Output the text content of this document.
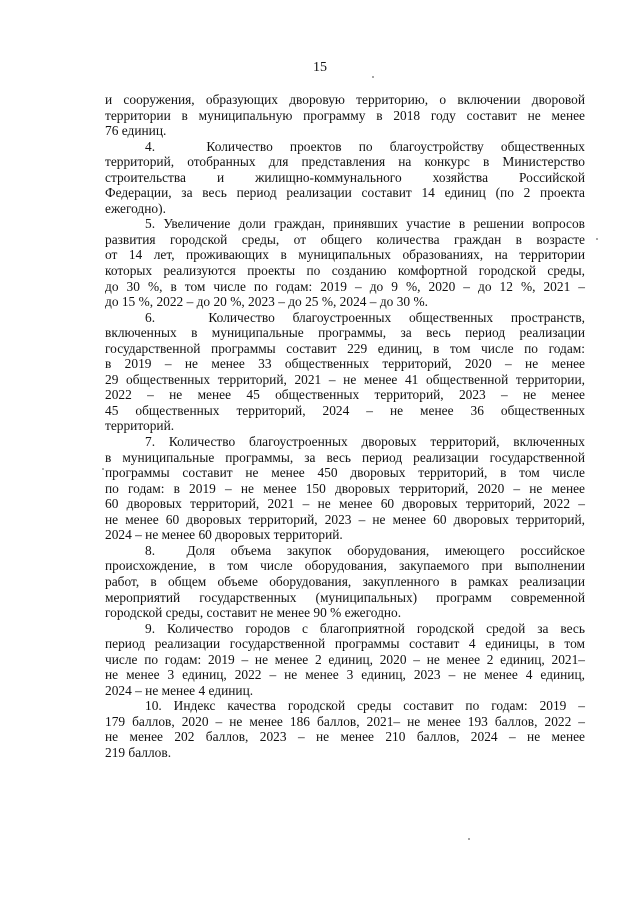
15

и сооружения, образующих дворовую территорию, о включении дворовой
территории в муниципальную программу в 2018 году составит не менее
76 единиц.

4.   Количество проектов по благоустройству общественных
территорий, отобранных для представления на конкурс в Министерство
строительства и жилищно-коммунального хозяйства Российской
Федерации, за весь период реализации составит 14 единиц (по 2 проекта
ежегодно).

5. Увеличение доли граждан, принявших участие в решении вопросов
развития городской среды, от общего количества граждан в возрасте
от 14 лет, проживающих в муниципальных образованиях, на территории
которых реализуются проекты по созданию комфортной городской среды,
до 30 %, в том числе по годам: 2019 – до 9 %, 2020 – до 12 %, 2021 –
до 15 %, 2022 – до 20 %, 2023 – до 25 %, 2024 – до 30 %.

6.   Количество благоустроенных общественных пространств,
включенных в муниципальные программы, за весь период реализации
государственной программы составит 229 единиц, в том числе по годам:
в 2019 – не менее 33 общественных территорий, 2020 – не менее
29 общественных территорий, 2021 – не менее 41 общественной территории,
2022 – не менее 45 общественных территорий, 2023 – не менее
45 общественных территорий, 2024 – не менее 36 общественных
территорий.

7. Количество благоустроенных дворовых территорий, включенных
в муниципальные программы, за весь период реализации государственной
программы составит не менее 450 дворовых территорий, в том числе
по годам: в 2019 – не менее 150 дворовых территорий, 2020 – не менее
60 дворовых территорий, 2021 – не менее 60 дворовых территорий, 2022 –
не менее 60 дворовых территорий, 2023 – не менее 60 дворовых территорий,
2024 – не менее 60 дворовых территорий.

8.  Доля объема закупок оборудования, имеющего российское
происхождение, в том числе оборудования, закупаемого при выполнении
работ, в общем объеме оборудования, закупленного в рамках реализации
мероприятий государственных (муниципальных) программ современной
городской среды, составит не менее 90 % ежегодно.

9. Количество городов с благоприятной городской средой за весь
период реализации государственной программы составит 4 единицы, в том
числе по годам: 2019 – не менее 2 единиц, 2020 – не менее 2 единиц, 2021–
не менее 3 единиц, 2022 – не менее 3 единиц, 2023 – не менее 4 единиц,
2024 – не менее 4 единиц.

10. Индекс качества городской среды составит по годам: 2019 –
179 баллов, 2020 – не менее 186 баллов, 2021– не менее 193 баллов, 2022 –
не менее 202 баллов, 2023 – не менее 210 баллов, 2024 – не менее
219 баллов.
